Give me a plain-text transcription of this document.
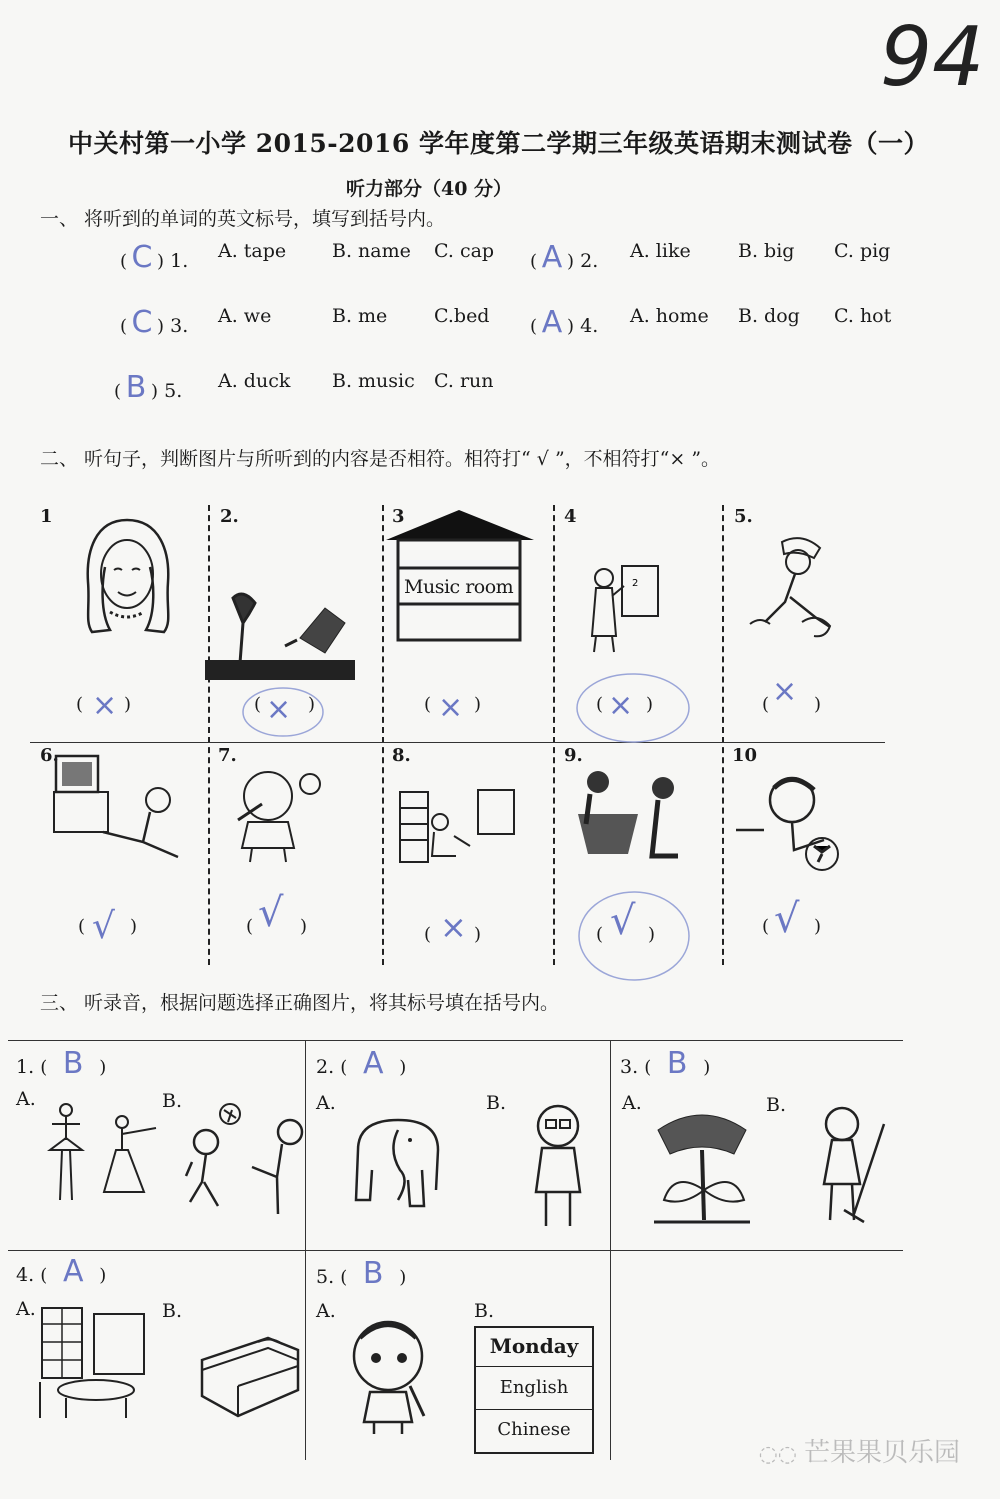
94
中关村第一小学 2015-2016 学年度第二学期三年级英语期末测试卷（一）
听力部分（40 分）
一、 将听到的单词的英文标号，填写到括号内。
( C ) 1. A. tape B. name C. cap ( A ) 2. A. like B. big C. pig
( C ) 3. A. we	B. me C.bed ( A ) 4. A. home B. dog C. hot
( B ) 5. A. duck B. music C. run
二、 听句子，判断图片与所听到的内容是否相符。相符打“ √ ”，不相符打“× ”。
1
( )
×
2.
(	)
×
3
Music room
( )
×
4
2
( )
×
5.
( )
×
6.
( )
√
7.
(	)
√
8.
( )
×
9.
( )
√
10
( )
√
三、 听录音，根据问题选择正确图片，将其标号填在括号内。
1. ( B )
A.	B.
2. ( A )
A.	B.
3. ( B )
A.	B.
4. ( A )
A.	B.
5. ( B )
A.	B.
Monday
English
Chinese
◌◌ 芒果果贝乐园
